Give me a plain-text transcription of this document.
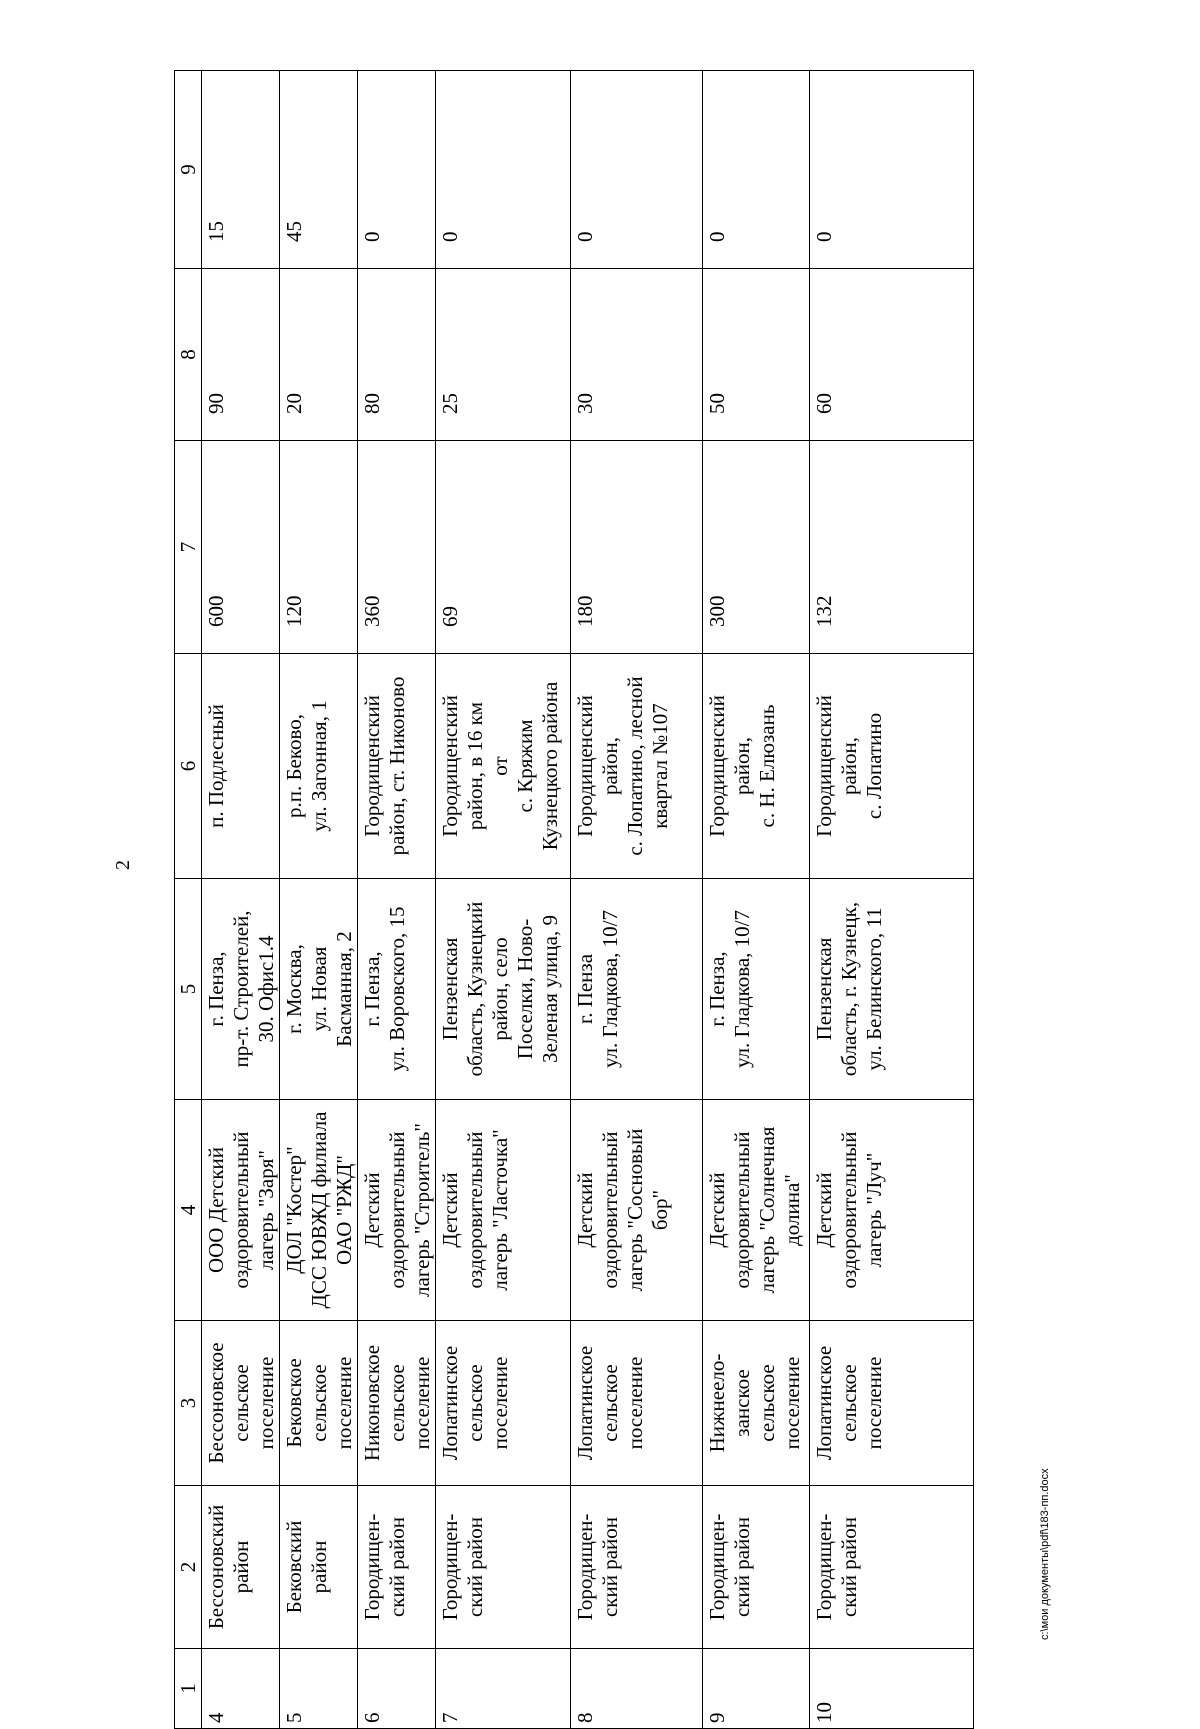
2
1	2	3	4	5	6	7	8	9
4	Бессоновский
район	Бессоновское
сельское
поселение	ООО Детский
оздоровительный
лагерь "Заря"	г. Пенза,
пр-т. Строителей,
30. Офис1.4	п. Подлесный	600	90	15
5	Бековский
район	Бековское
сельское
поселение	ДОЛ "Костер"
ДСС ЮВЖД филиала
ОАО "РЖД"	г. Москва,
ул. Новая
Басманная, 2	р.п. Беково,
ул. Загонная, 1	120	20	45
6	Городищен-
ский район	Никоновское
сельское
поселение	Детский
оздоровительный
лагерь "Строитель"	г. Пенза,
ул. Воровского, 15	Городищенский
район, ст. Никоново	360	80	0
7	Городищен-
ский район	Лопатинское
сельское
поселение	Детский
оздоровительный
лагерь "Ласточка"	Пензенская
область, Кузнецкий
район, село
Поселки, Ново-
Зеленая улица, 9	Городищенский
район, в 16 км
от
с. Кряжим
Кузнецкого района	69	25	0
8	Городищен-
ский район	Лопатинское
сельское
поселение	Детский
оздоровительный
лагерь "Сосновый
бор"	г. Пенза
ул. Гладкова, 10/7	Городищенский
район,
с. Лопатино, лесной
квартал №107	180	30	0
9	Городищен-
ский район	Нижнеело-
занское
сельское
поселение	Детский
оздоровительный
лагерь "Солнечная
долина"	г. Пенза,
ул. Гладкова, 10/7	Городищенский
район,
с. Н. Елюзань	300	50	0
10	Городищен-
ский район	Лопатинское
сельское
поселение	Детский
оздоровительный
лагерь "Луч"	Пензенская
область, г. Кузнецк,
ул. Белинского, 11	Городищенский
район,
с. Лопатино	132	60	0
c:\мои документы\pdf\183-пп.docx
